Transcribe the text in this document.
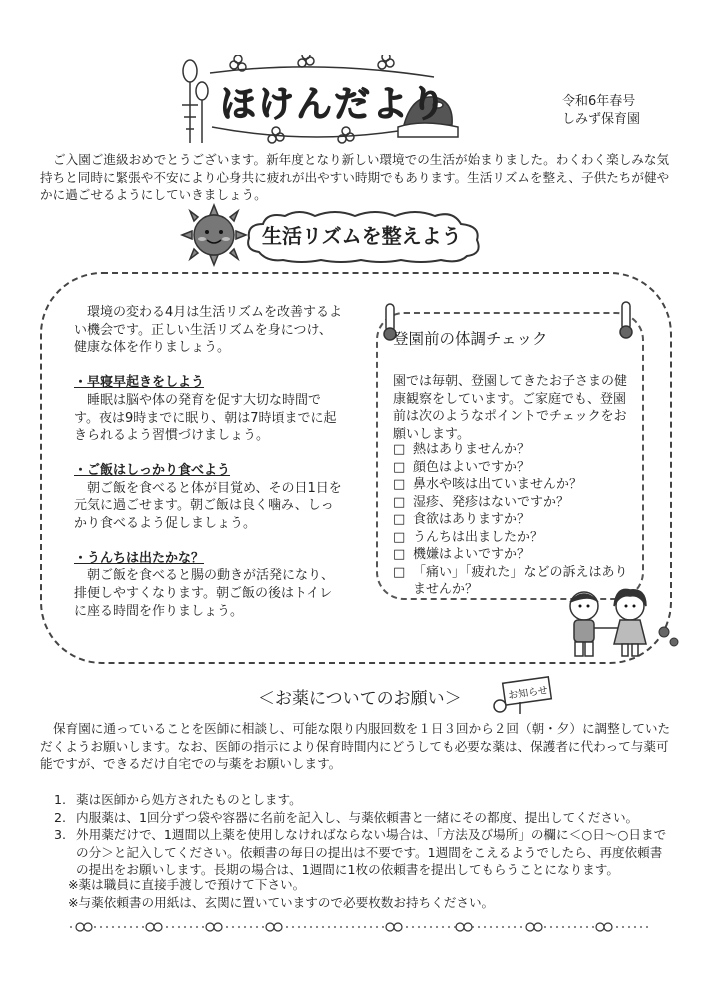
ほけんだより	令和6年春号
しみず保育園

ご入園ご進級おめでとうございます。新年度となり新しい環境での生活が始まりました。わくわく楽しみな気持ちと同時に緊張や不安により心身共に疲れが出やすい時期でもあります。生活リズムを整え、子供たちが健やかに過ごせるようにしていきましょう。

生活リズムを整えよう

環境の変わる4月は生活リズムを改善するよい機会です。正しい生活リズムを身につけ、健康な体を作りましょう。

・早寝早起きをしよう

睡眠は脳や体の発育を促す大切な時間です。夜は9時までに眠り、朝は7時頃までに起きられるよう習慣づけましょう。

・ご飯はしっかり食べよう

朝ご飯を食べると体が目覚め、その日1日を元気に過ごせます。朝ご飯は良く噛み、しっかり食べるよう促しましょう。

・うんちは出たかな？

朝ご飯を食べると腸の動きが活発になり、排便しやすくなります。朝ご飯の後はトイレに座る時間を作りましょう。

登園前の体調チェック

園では毎朝、登園してきたお子さまの健康観察をしています。ご家庭でも、登園前は次のようなポイントでチェックをお願いします。

□ 熱はありませんか？
□ 顔色はよいですか？
□ 鼻水や咳は出ていませんか？
□ 湿疹、発疹はないですか？
□ 食欲はありますか？
□ うんちは出ましたか？
□ 機嫌はよいですか？
□ 「痛い」「疲れた」などの訴えはありませんか？
＜お薬についてのお願い＞	お知らせ

保育園に通っていることを医師に相談し、可能な限り内服回数を１日３回から２回（朝・夕）に調整していただくようお願いします。なお、医師の指示により保育時間内にどうしても必要な薬は、保護者に代わって与薬可能ですが、できるだけ自宅での与薬をお願いします。

1. 薬は医師から処方されたものとします。
2. 内服薬は、1回分ずつ袋や容器に名前を記入し、与薬依頼書と一緒にその都度、提出してください。
3. 外用薬だけで、1週間以上薬を使用しなければならない場合は、「方法及び場所」の欄に＜○日～○日までの分＞と記入してください。依頼書の毎日の提出は不要です。1週間をこえるようでしたら、再度依頼書の提出をお願いします。長期の場合は、1週間に1枚の依頼書を提出してもらうことになります。

※薬は職員に直接手渡しで預けて下さい。

※与薬依頼書の用紙は、玄関に置いていますので必要枚数お持ちください。
